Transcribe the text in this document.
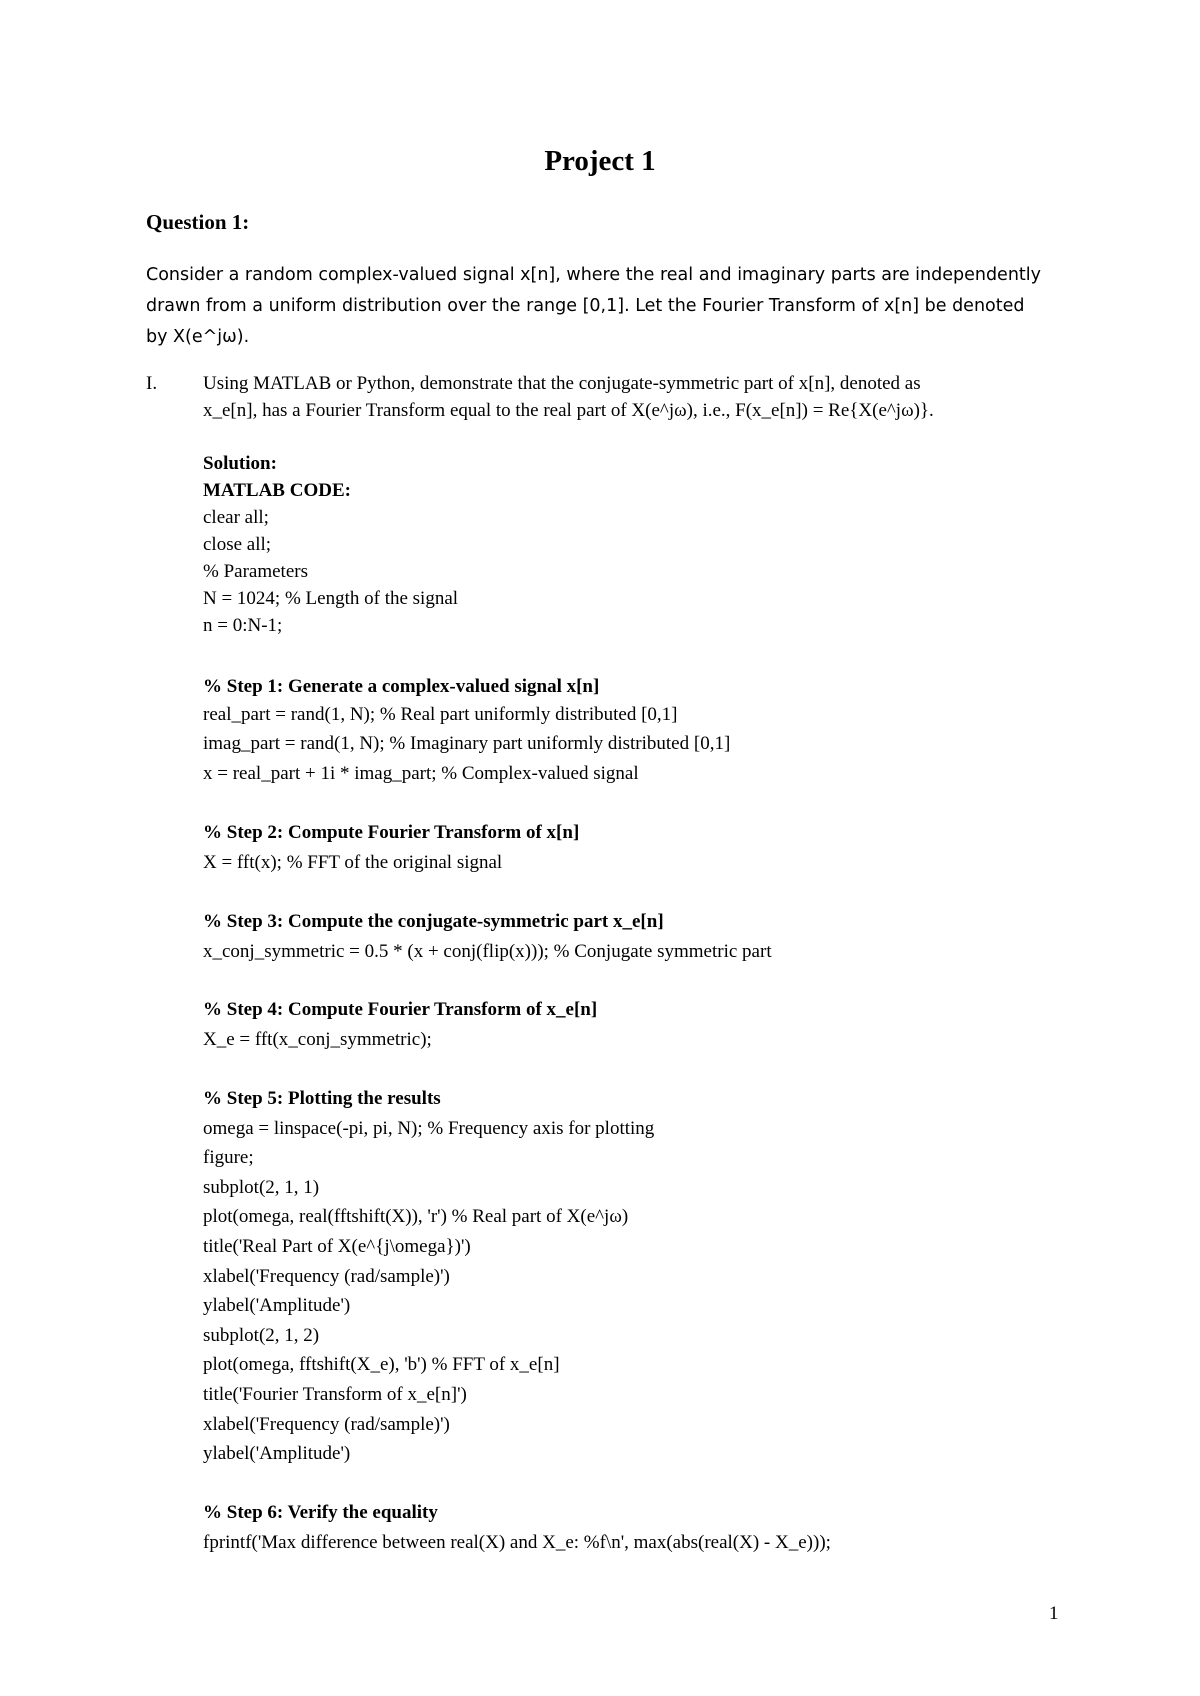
Project 1
Question 1:

Consider a random complex-valued signal x[n], where the real and imaginary parts are independently
drawn from a uniform distribution over the range [0,1]. Let the Fourier Transform of x[n] be denoted
by X(e^jω).

I. Using MATLAB or Python, demonstrate that the conjugate-symmetric part of x[n], denoted as
x_e[n], has a Fourier Transform equal to the real part of X(e^jω), i.e., F(x_e[n]) = Re{X(e^jω)}.
Solution:
MATLAB CODE:
clear all;
close all;
% Parameters
N = 1024; % Length of the signal
n = 0:N-1;
% Step 1: Generate a complex-valued signal x[n]
real_part = rand(1, N); % Real part uniformly distributed [0,1]
imag_part = rand(1, N); % Imaginary part uniformly distributed [0,1]
x = real_part + 1i * imag_part; % Complex-valued signal
% Step 2: Compute Fourier Transform of x[n]
X = fft(x); % FFT of the original signal
% Step 3: Compute the conjugate-symmetric part x_e[n]
x_conj_symmetric = 0.5 * (x + conj(flip(x))); % Conjugate symmetric part
% Step 4: Compute Fourier Transform of x_e[n]
X_e = fft(x_conj_symmetric);
% Step 5: Plotting the results
omega = linspace(-pi, pi, N); % Frequency axis for plotting
figure;
subplot(2, 1, 1)
plot(omega, real(fftshift(X)), 'r') % Real part of X(e^jω)
title('Real Part of X(e^{j\omega})')
xlabel('Frequency (rad/sample)')
ylabel('Amplitude')
subplot(2, 1, 2)
plot(omega, fftshift(X_e), 'b') % FFT of x_e[n]
title('Fourier Transform of x_e[n]')
xlabel('Frequency (rad/sample)')
ylabel('Amplitude')
% Step 6: Verify the equality
fprintf('Max difference between real(X) and X_e: %f\n', max(abs(real(X) - X_e)));
1
